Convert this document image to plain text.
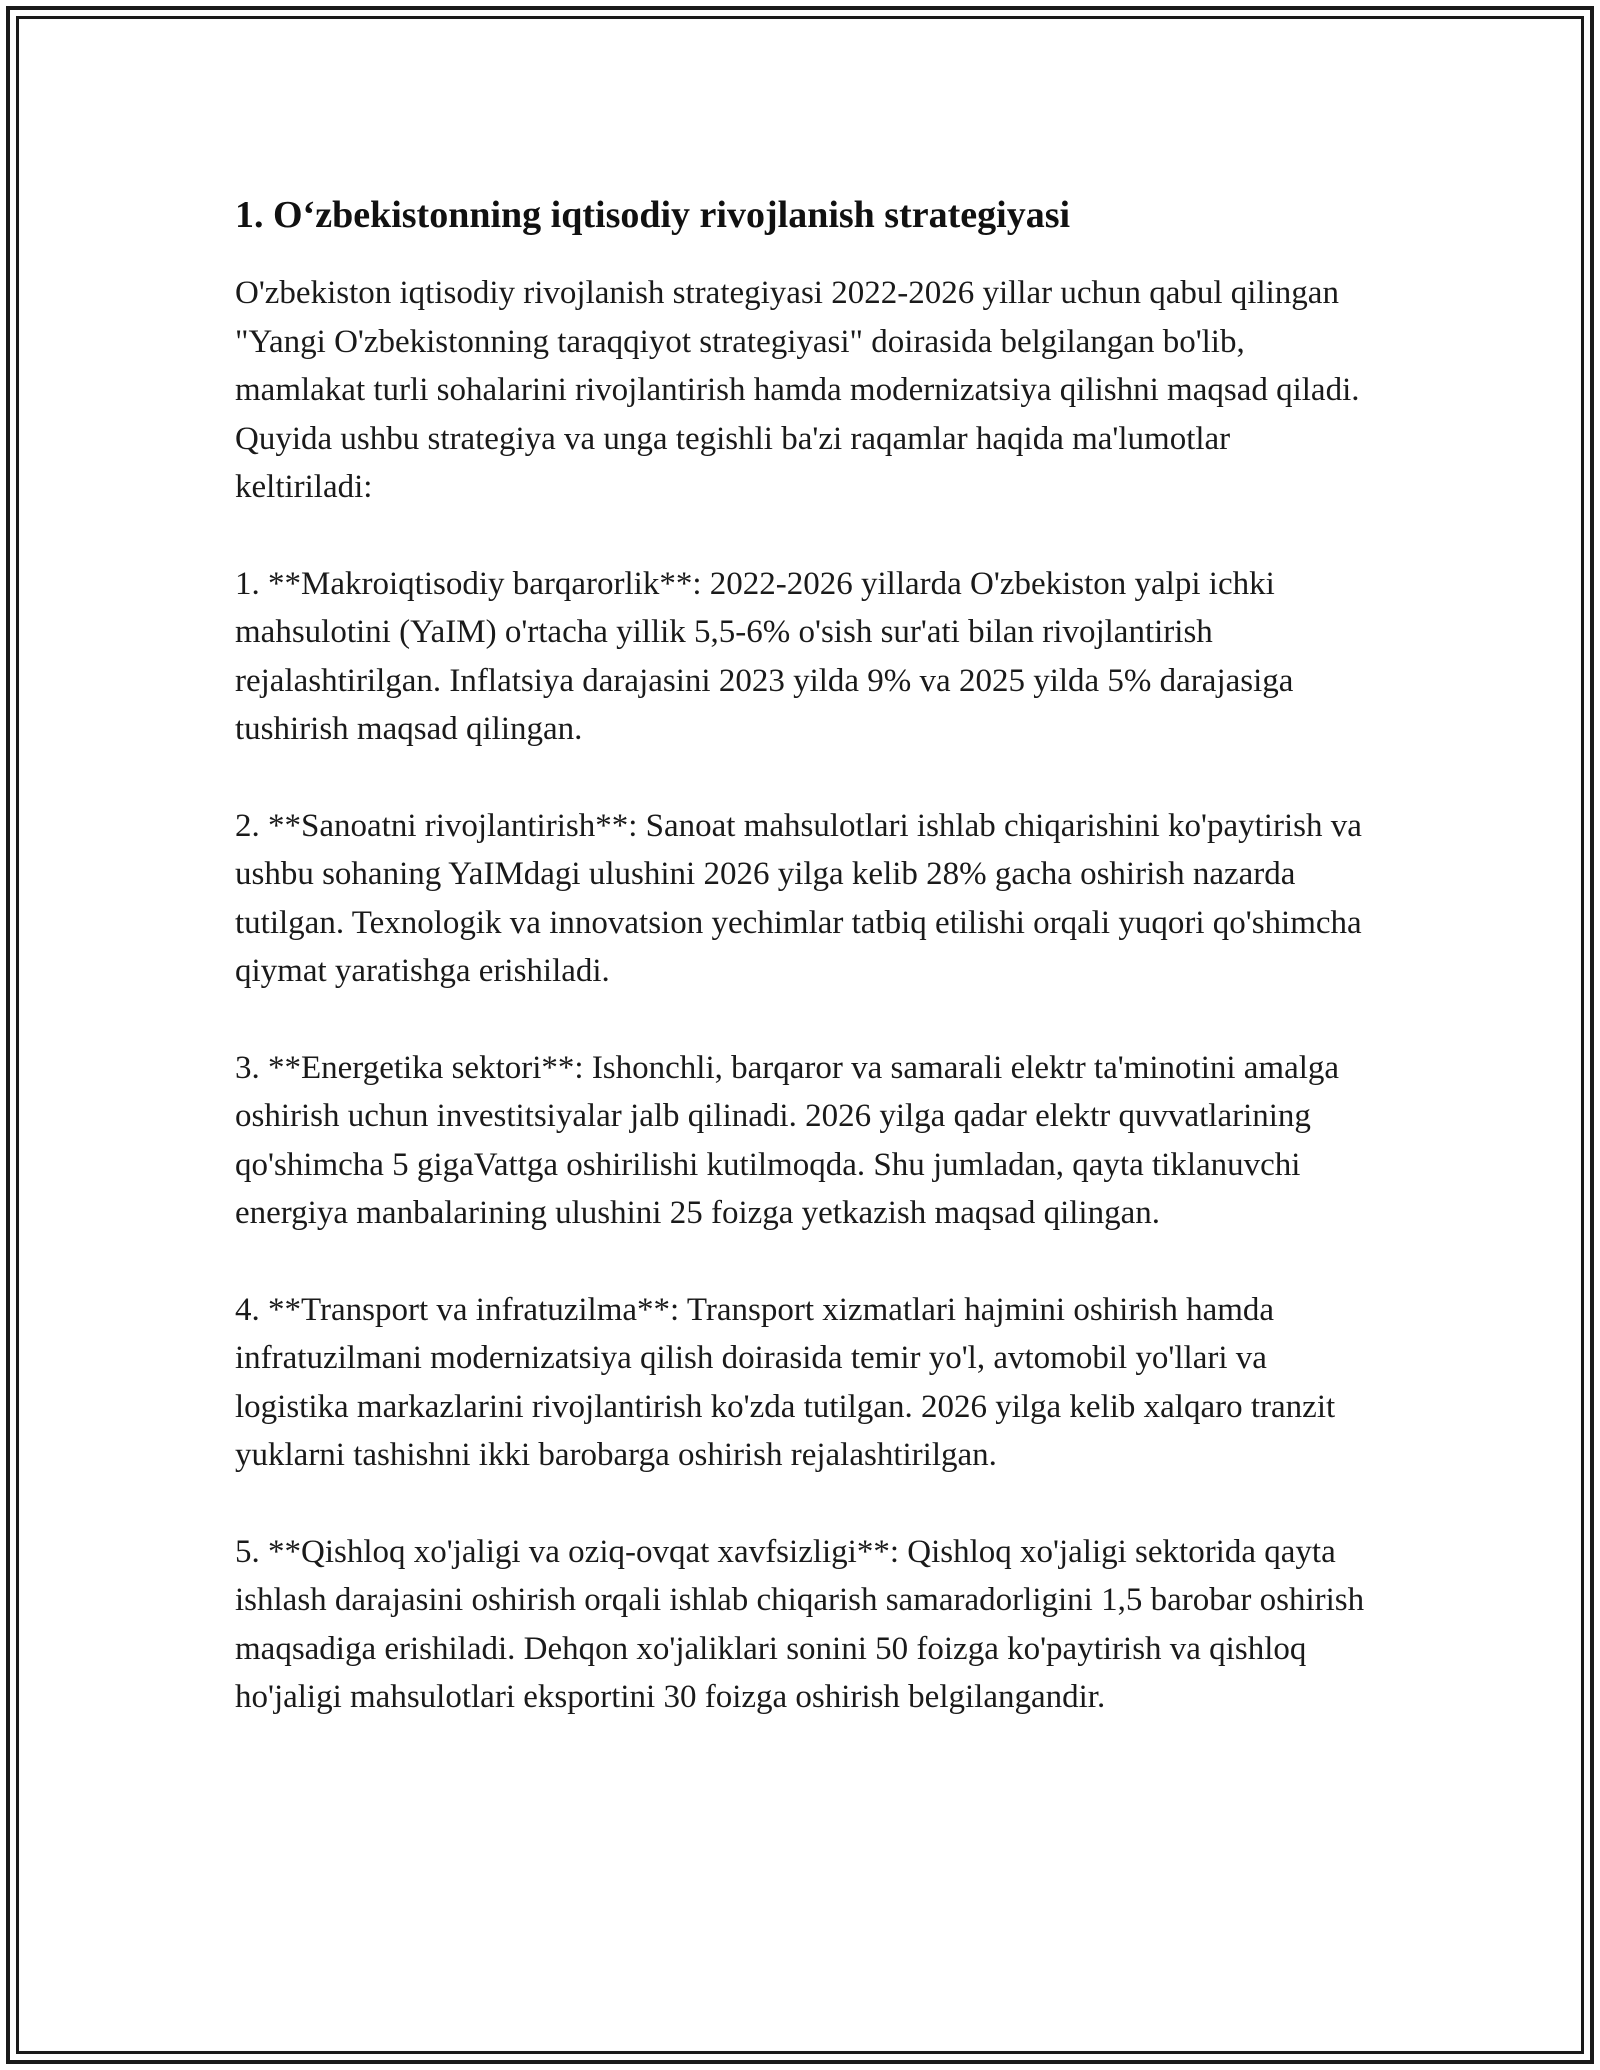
1. O‘zbekistonning iqtisodiy rivojlanish strategiyasi

O'zbekiston iqtisodiy rivojlanish strategiyasi 2022-2026 yillar uchun qabul qilingan "Yangi O'zbekistonning taraqqiyot strategiyasi" doirasida belgilangan bo'lib, mamlakat turli sohalarini rivojlantirish hamda modernizatsiya qilishni maqsad qiladi. Quyida ushbu strategiya va unga tegishli ba'zi raqamlar haqida ma'lumotlar keltiriladi:

1. **Makroiqtisodiy barqarorlik**: 2022-2026 yillarda O'zbekiston yalpi ichki mahsulotini (YaIM) o'rtacha yillik 5,5-6% o'sish sur'ati bilan rivojlantirish rejalashtirilgan. Inflatsiya darajasini 2023 yilda 9% va 2025 yilda 5% darajasiga tushirish maqsad qilingan.

2. **Sanoatni rivojlantirish**: Sanoat mahsulotlari ishlab chiqarishini ko'paytirish va ushbu sohaning YaIMdagi ulushini 2026 yilga kelib 28% gacha oshirish nazarda tutilgan. Texnologik va innovatsion yechimlar tatbiq etilishi orqali yuqori qo'shimcha qiymat yaratishga erishiladi.

3. **Energetika sektori**: Ishonchli, barqaror va samarali elektr ta'minotini amalga oshirish uchun investitsiyalar jalb qilinadi. 2026 yilga qadar elektr quvvatlarining qo'shimcha 5 gigaVattga oshirilishi kutilmoqda. Shu jumladan, qayta tiklanuvchi energiya manbalarining ulushini 25 foizga yetkazish maqsad qilingan.

4. **Transport va infratuzilma**: Transport xizmatlari hajmini oshirish hamda infratuzilmani modernizatsiya qilish doirasida temir yo'l, avtomobil yo'llari va logistika markazlarini rivojlantirish ko'zda tutilgan. 2026 yilga kelib xalqaro tranzit yuklarni tashishni ikki barobarga oshirish rejalashtirilgan.

5. **Qishloq xo'jaligi va oziq-ovqat xavfsizligi**: Qishloq xo'jaligi sektorida qayta ishlash darajasini oshirish orqali ishlab chiqarish samaradorligini 1,5 barobar oshirish maqsadiga erishiladi. Dehqon xo'jaliklari sonini 50 foizga ko'paytirish va qishloq ho'jaligi mahsulotlari eksportini 30 foizga oshirish belgilangandir.
